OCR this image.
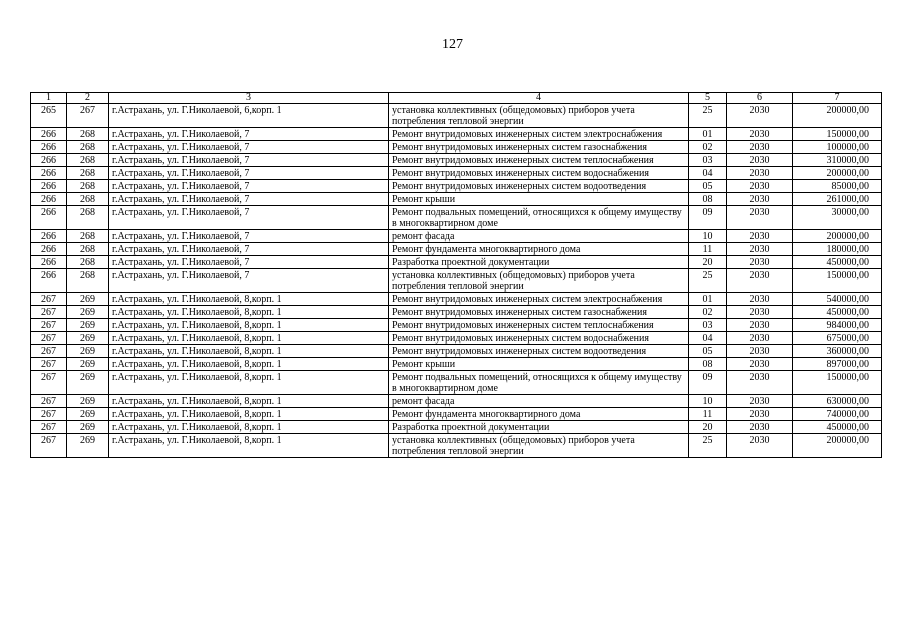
127
1	2	3	4	5	6	7
265	267	г.Астрахань, ул. Г.Николаевой, 6,корп. 1	установка коллективных (общедомовых) приборов учета потребления тепловой энергии	25	2030	200000,00
266	268	г.Астрахань, ул. Г.Николаевой, 7	Ремонт внутридомовых инженерных систем электроснабжения	01	2030	150000,00
266	268	г.Астрахань, ул. Г.Николаевой, 7	Ремонт внутридомовых инженерных систем газоснабжения	02	2030	100000,00
266	268	г.Астрахань, ул. Г.Николаевой, 7	Ремонт внутридомовых инженерных систем теплоснабжения	03	2030	310000,00
266	268	г.Астрахань, ул. Г.Николаевой, 7	Ремонт внутридомовых инженерных систем водоснабжения	04	2030	200000,00
266	268	г.Астрахань, ул. Г.Николаевой, 7	Ремонт внутридомовых инженерных систем водоотведения	05	2030	85000,00
266	268	г.Астрахань, ул. Г.Николаевой, 7	Ремонт крыши	08	2030	261000,00
266	268	г.Астрахань, ул. Г.Николаевой, 7	Ремонт подвальных помещений, относящихся к общему имуществу в многоквартирном доме	09	2030	30000,00
266	268	г.Астрахань, ул. Г.Николаевой, 7	ремонт фасада	10	2030	200000,00
266	268	г.Астрахань, ул. Г.Николаевой, 7	Ремонт фундамента многоквартирного дома	11	2030	180000,00
266	268	г.Астрахань, ул. Г.Николаевой, 7	Разработка проектной документации	20	2030	450000,00
266	268	г.Астрахань, ул. Г.Николаевой, 7	установка коллективных (общедомовых) приборов учета потребления тепловой энергии	25	2030	150000,00
267	269	г.Астрахань, ул. Г.Николаевой, 8,корп. 1	Ремонт внутридомовых инженерных систем электроснабжения	01	2030	540000,00
267	269	г.Астрахань, ул. Г.Николаевой, 8,корп. 1	Ремонт внутридомовых инженерных систем газоснабжения	02	2030	450000,00
267	269	г.Астрахань, ул. Г.Николаевой, 8,корп. 1	Ремонт внутридомовых инженерных систем теплоснабжения	03	2030	984000,00
267	269	г.Астрахань, ул. Г.Николаевой, 8,корп. 1	Ремонт внутридомовых инженерных систем водоснабжения	04	2030	675000,00
267	269	г.Астрахань, ул. Г.Николаевой, 8,корп. 1	Ремонт внутридомовых инженерных систем водоотведения	05	2030	360000,00
267	269	г.Астрахань, ул. Г.Николаевой, 8,корп. 1	Ремонт крыши	08	2030	897000,00
267	269	г.Астрахань, ул. Г.Николаевой, 8,корп. 1	Ремонт подвальных помещений, относящихся к общему имуществу в многоквартирном доме	09	2030	150000,00
267	269	г.Астрахань, ул. Г.Николаевой, 8,корп. 1	ремонт фасада	10	2030	630000,00
267	269	г.Астрахань, ул. Г.Николаевой, 8,корп. 1	Ремонт фундамента многоквартирного дома	11	2030	740000,00
267	269	г.Астрахань, ул. Г.Николаевой, 8,корп. 1	Разработка проектной документации	20	2030	450000,00
267	269	г.Астрахань, ул. Г.Николаевой, 8,корп. 1	установка коллективных (общедомовых) приборов учета потребления тепловой энергии	25	2030	200000,00
